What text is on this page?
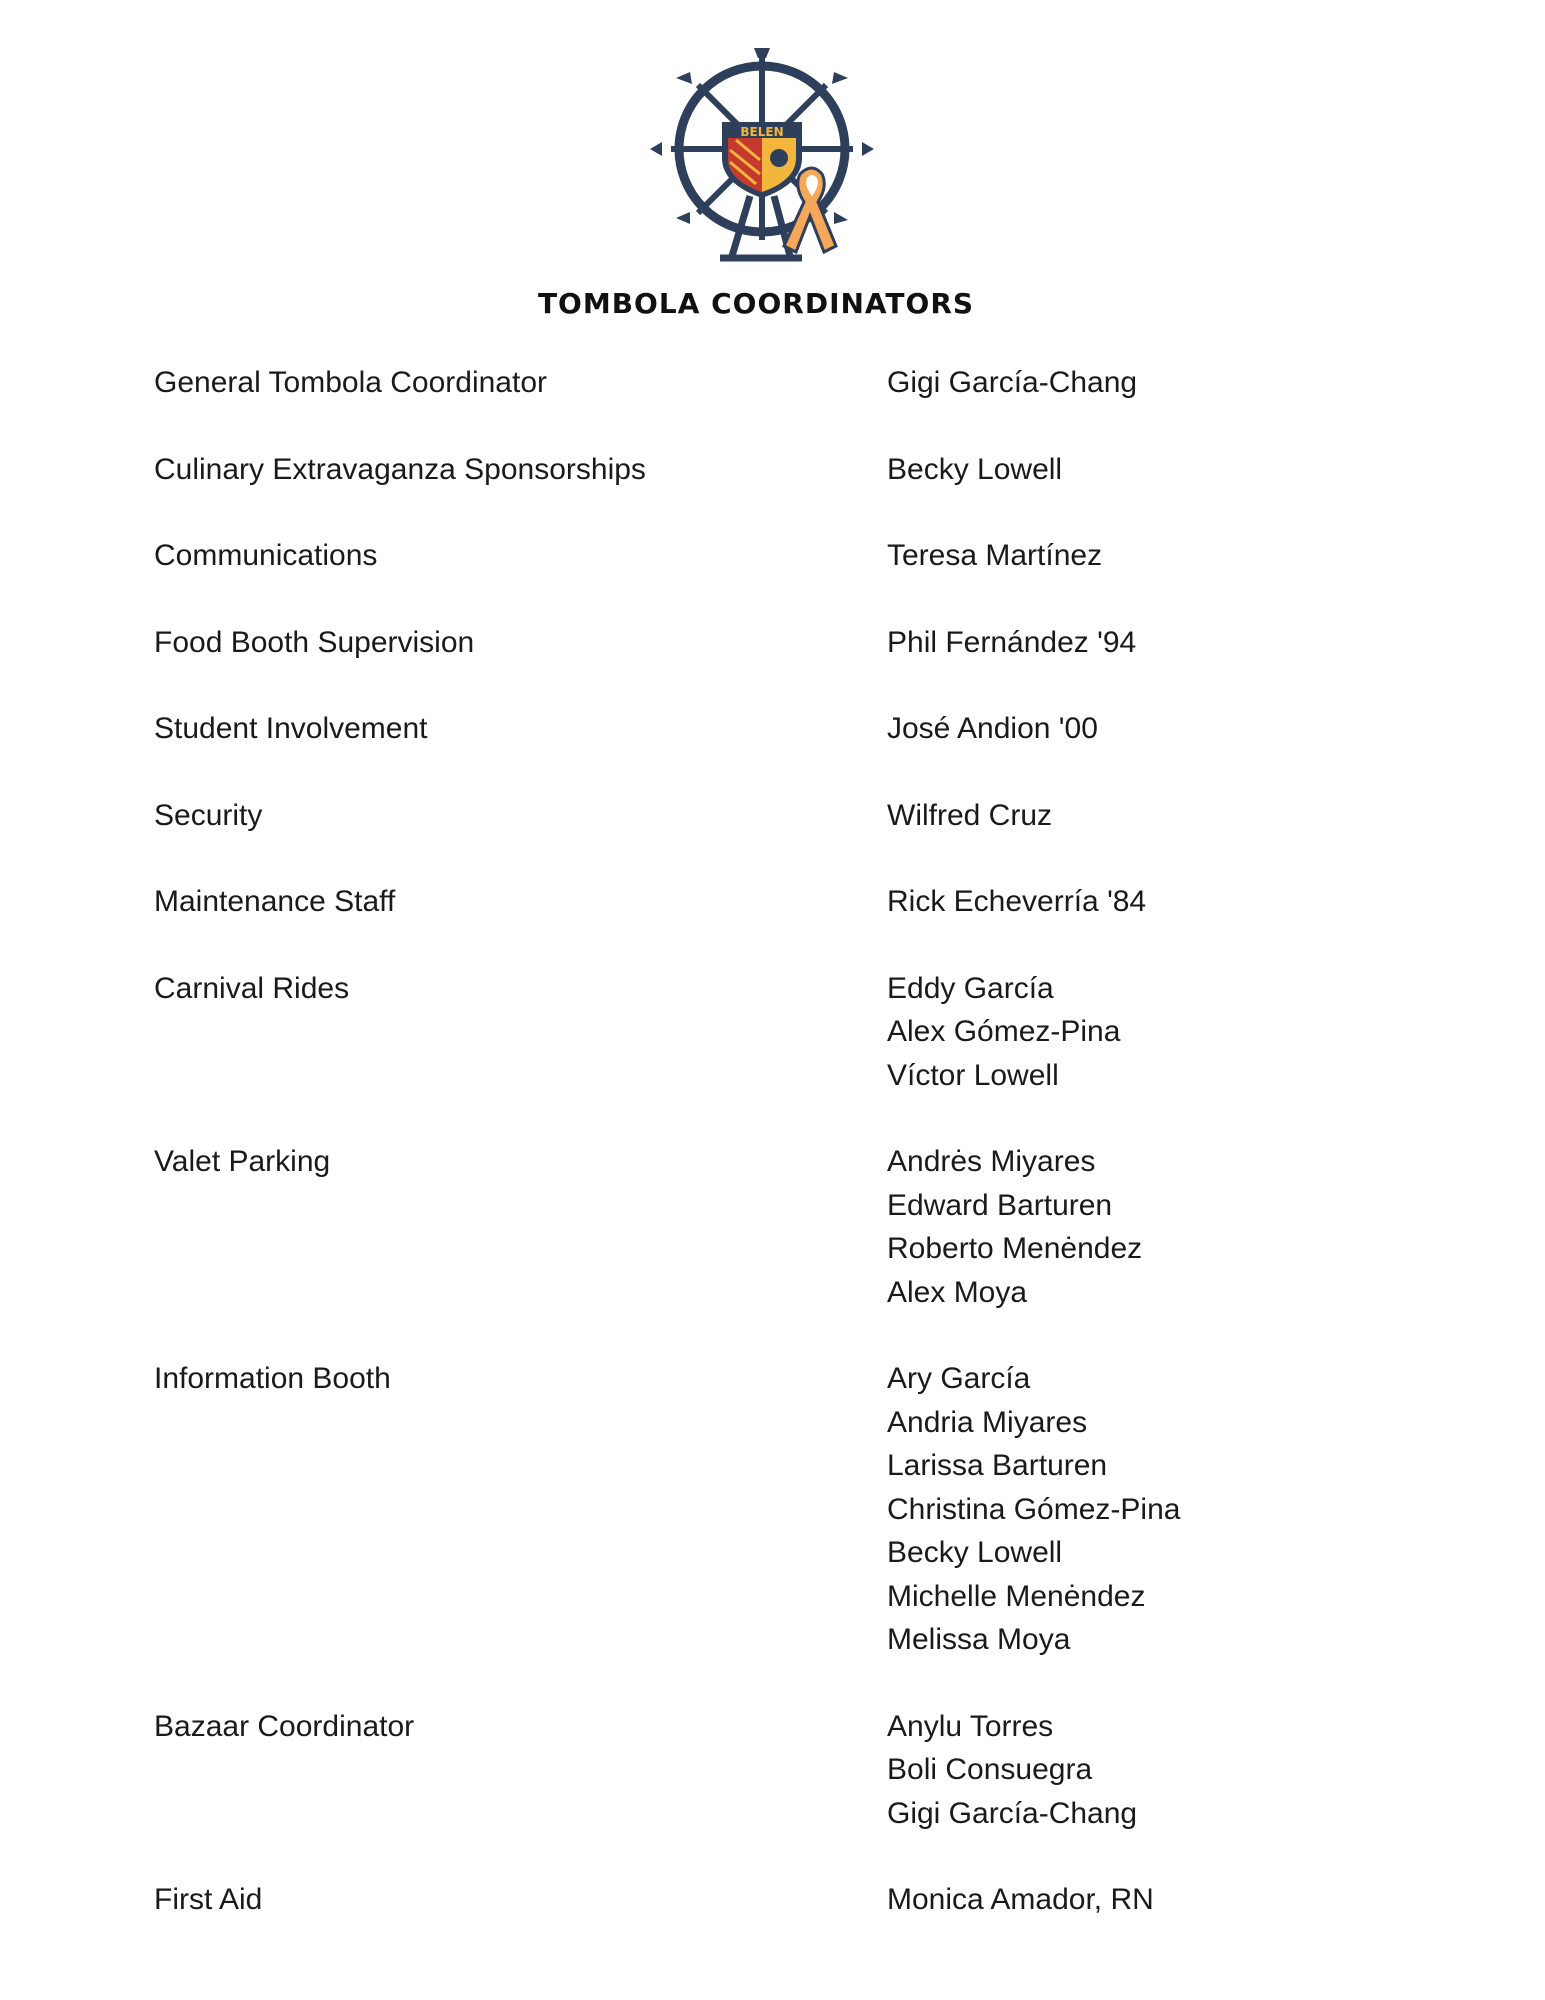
BELEN
TOMBOLA COORDINATORS
General Tombola Coordinator	Gigi García-Chang
Culinary Extravaganza Sponsorships	Becky Lowell
Communications	Teresa Martínez
Food Booth Supervision	Phil Fernández '94
Student Involvement	José Andion '00
Security	Wilfred Cruz
Maintenance Staff	Rick Echeverría '84
Carnival Rides	Eddy García
Alex Gómez-Pina
Víctor Lowell
Valet Parking	Andrės Miyares
Edward Barturen
Roberto Menėndez
Alex Moya
Information Booth	Ary García
Andria Miyares
Larissa Barturen
Christina Gómez-Pina
Becky Lowell
Michelle Menėndez
Melissa Moya
Bazaar Coordinator	Anylu Torres
Boli Consuegra
Gigi García-Chang
First Aid	Monica Amador, RN
